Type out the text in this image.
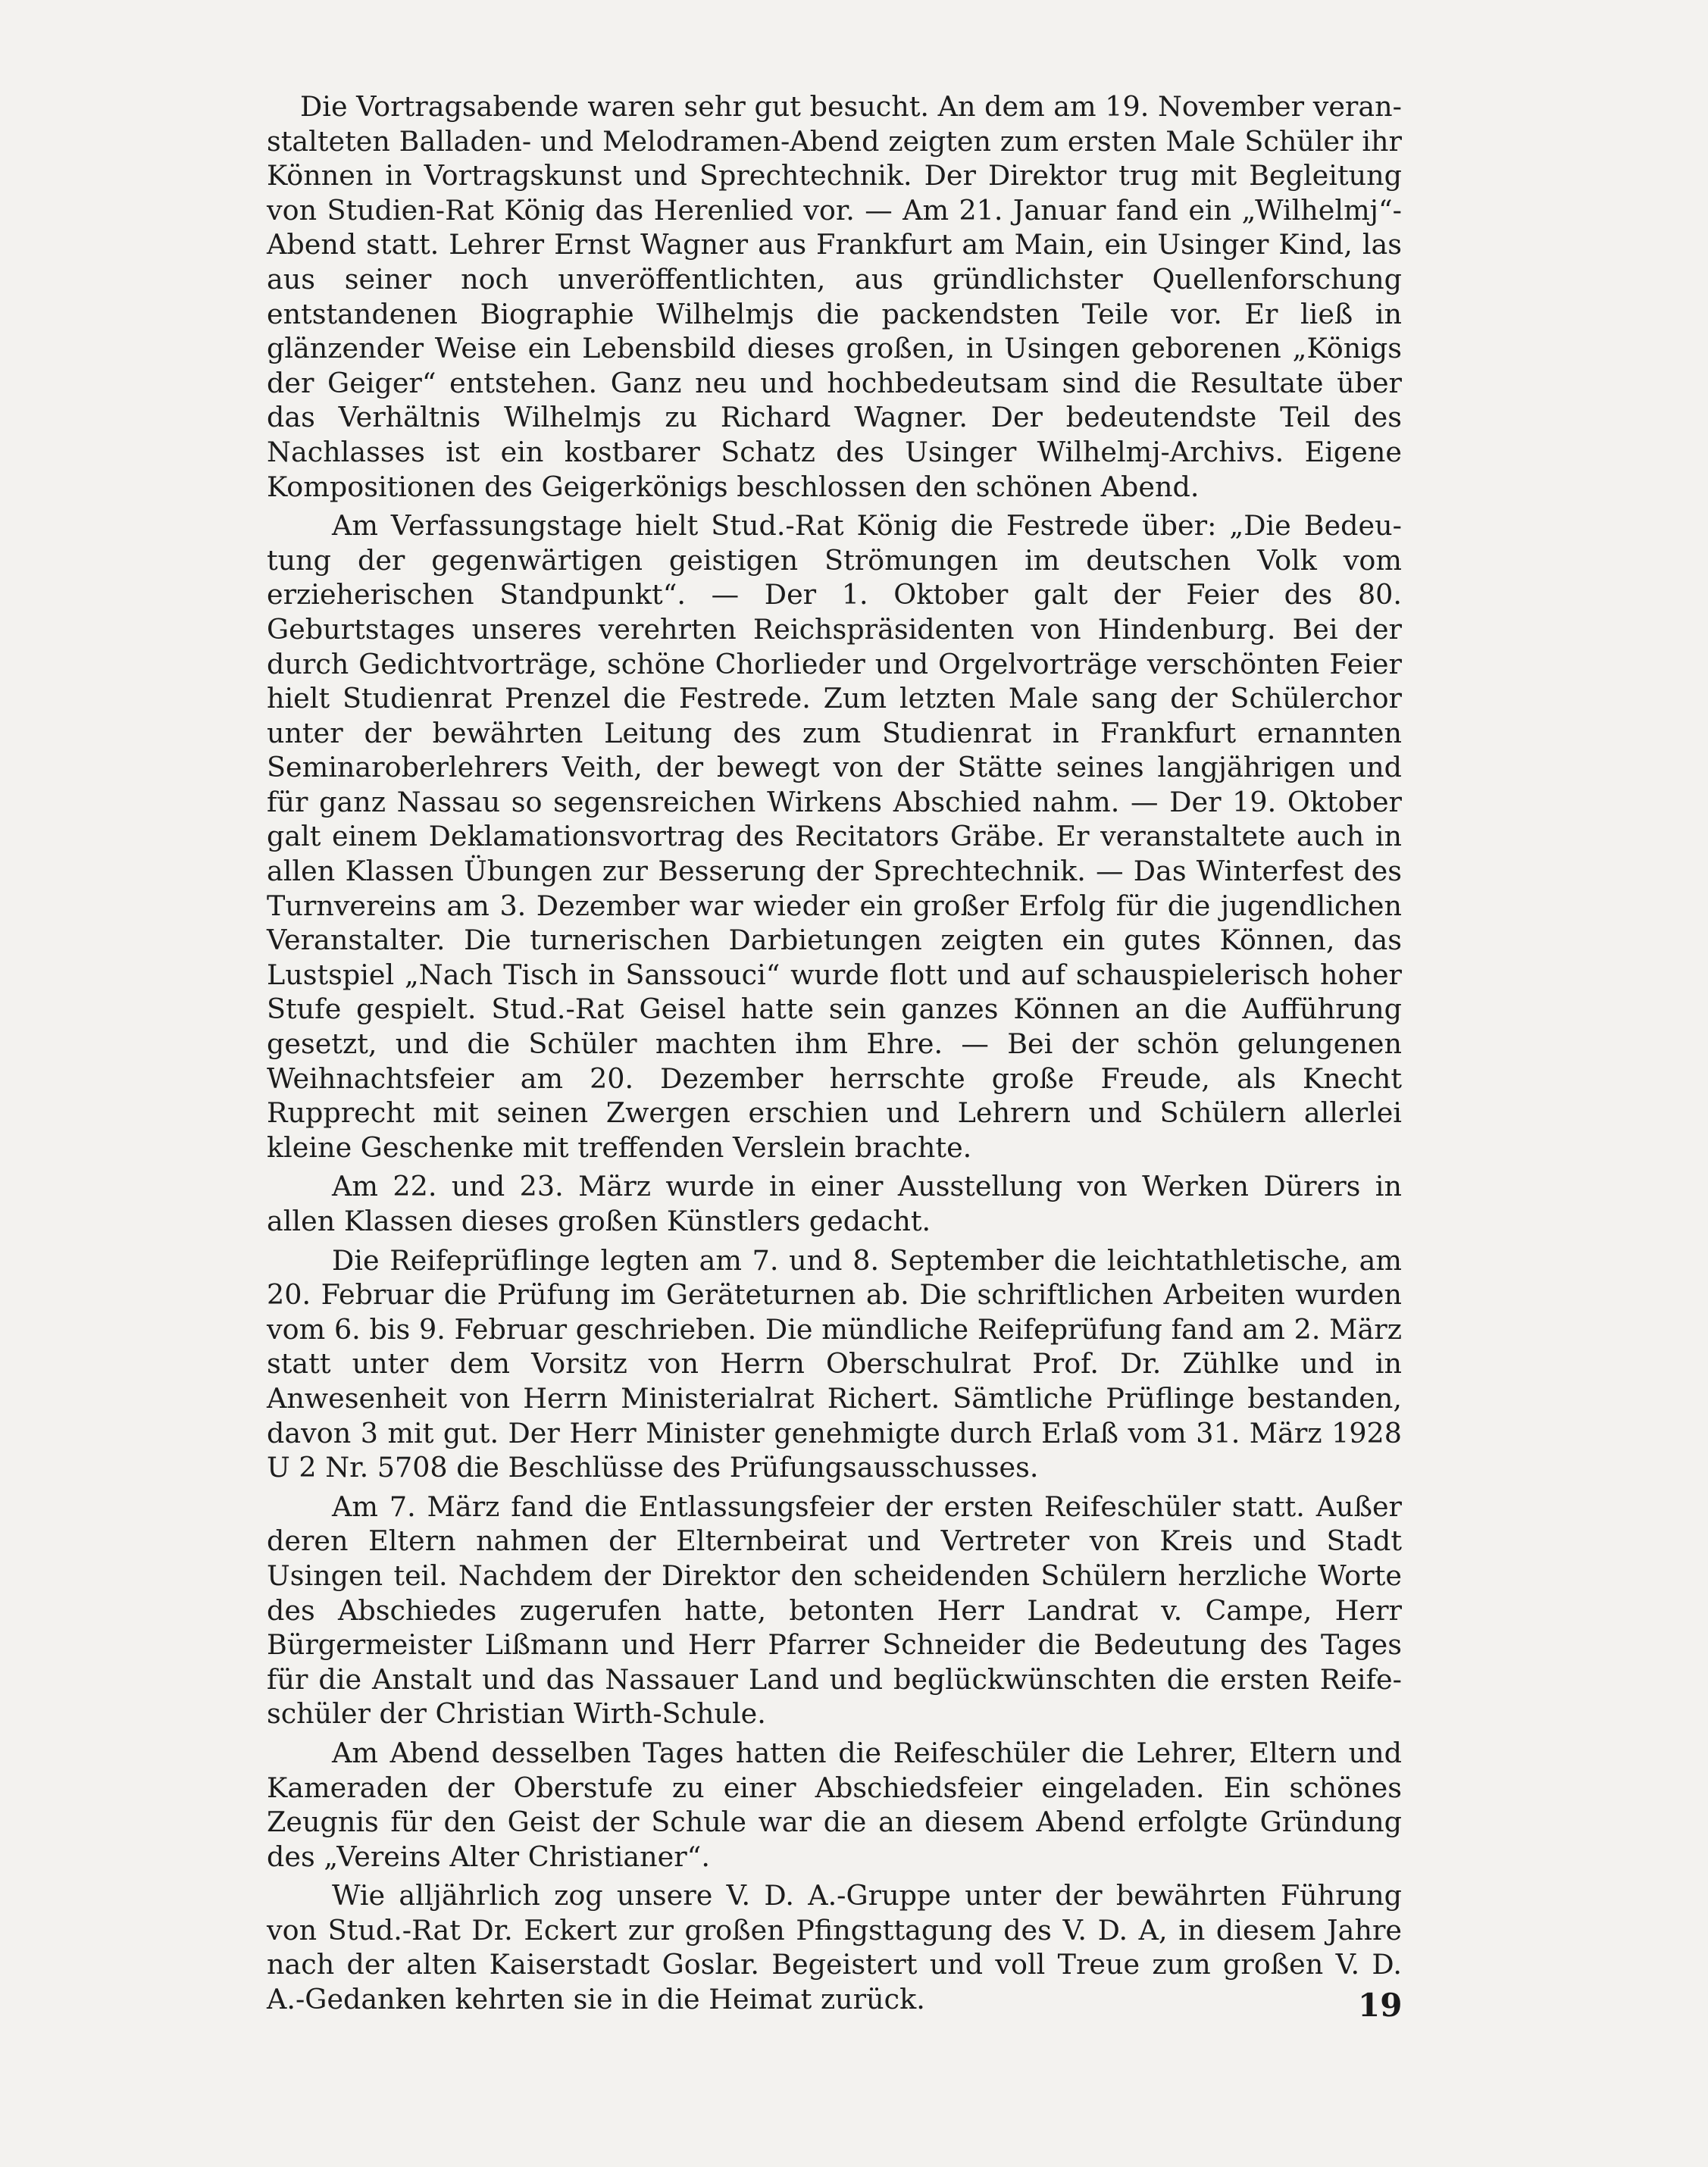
Die Vortragsabende waren sehr gut besucht. An dem am 19. November veranstalteten Balladen- und Melodramen-Abend zeigten zum ersten Male Schüler ihr Können in Vortragskunst und Sprechtechnik. Der Direktor trug mit Begleitung von Studien-Rat König das Herenlied vor. — Am 21. Januar fand ein „Wilhelmj“-Abend statt. Lehrer Ernst Wagner aus Frankfurt am Main, ein Usinger Kind, las aus seiner noch unveröffentlichten, aus gründlichster Quellenforschung entstandenen Biographie Wilhelmjs die packendsten Teile vor. Er ließ in glänzender Weise ein Lebensbild dieses großen, in Usingen geborenen „Königs der Geiger“ entstehen. Ganz neu und hochbedeutsam sind die Resultate über das Verhältnis Wilhelmjs zu Richard Wagner. Der bedeutendste Teil des Nachlasses ist ein kostbarer Schatz des Usinger Wilhelmj-Archivs. Eigene Kompositionen des Geigerkönigs beschlossen den schönen Abend.

Am Verfassungstage hielt Stud.-Rat König die Festrede über: „Die Bedeutung der gegenwärtigen geistigen Strömungen im deutschen Volk vom erzieherischen Standpunkt“. — Der 1. Oktober galt der Feier des 80. Geburtstages unseres verehrten Reichspräsidenten von Hindenburg. Bei der durch Gedichtvorträge, schöne Chorlieder und Orgelvorträge verschönten Feier hielt Studienrat Prenzel die Festrede. Zum letzten Male sang der Schülerchor unter der bewährten Leitung des zum Studienrat in Frankfurt ernannten Seminaroberlehrers Veith, der bewegt von der Stätte seines langjährigen und für ganz Nassau so segensreichen Wirkens Abschied nahm. — Der 19. Oktober galt einem Deklamationsvortrag des Recitators Gräbe. Er veranstaltete auch in allen Klassen Übungen zur Besserung der Sprechtechnik. — Das Winterfest des Turnvereins am 3. Dezember war wieder ein großer Erfolg für die jugendlichen Veranstalter. Die turnerischen Darbietungen zeigten ein gutes Können, das Lustspiel „Nach Tisch in Sanssouci“ wurde flott und auf schauspielerisch hoher Stufe gespielt. Stud.-Rat Geisel hatte sein ganzes Können an die Aufführung gesetzt, und die Schüler machten ihm Ehre. — Bei der schön gelungenen Weihnachtsfeier am 20. Dezember herrschte große Freude, als Knecht Rupprecht mit seinen Zwergen erschien und Lehrern und Schülern allerlei kleine Geschenke mit treffenden Verslein brachte.

Am 22. und 23. März wurde in einer Ausstellung von Werken Dürers in allen Klassen dieses großen Künstlers gedacht.

Die Reifeprüflinge legten am 7. und 8. September die leichtathletische, am 20. Februar die Prüfung im Geräteturnen ab. Die schriftlichen Arbeiten wurden vom 6. bis 9. Februar geschrieben. Die mündliche Reifeprüfung fand am 2. März statt unter dem Vorsitz von Herrn Oberschulrat Prof. Dr. Zühlke und in Anwesenheit von Herrn Ministerialrat Richert. Sämtliche Prüflinge bestanden, davon 3 mit gut. Der Herr Minister genehmigte durch Erlaß vom 31. März 1928 U 2 Nr. 5708 die Beschlüsse des Prüfungsausschusses.

Am 7. März fand die Entlassungsfeier der ersten Reifeschüler statt. Außer deren Eltern nahmen der Elternbeirat und Vertreter von Kreis und Stadt Usingen teil. Nachdem der Direktor den scheidenden Schülern herzliche Worte des Abschiedes zugerufen hatte, betonten Herr Landrat v. Campe, Herr Bürgermeister Lißmann und Herr Pfarrer Schneider die Bedeutung des Tages für die Anstalt und das Nassauer Land und beglückwünschten die ersten Reifeschüler der Christian Wirth-Schule.

Am Abend desselben Tages hatten die Reifeschüler die Lehrer, Eltern und Kameraden der Oberstufe zu einer Abschiedsfeier eingeladen. Ein schönes Zeugnis für den Geist der Schule war die an diesem Abend erfolgte Gründung des „Vereins Alter Christianer“.

Wie alljährlich zog unsere V. D. A.-Gruppe unter der bewährten Führung von Stud.-Rat Dr. Eckert zur großen Pfingsttagung des V. D. A, in diesem Jahre nach der alten Kaiserstadt Goslar. Begeistert und voll Treue zum großen V. D. A.-Gedanken kehrten sie in die Heimat zurück.	19
